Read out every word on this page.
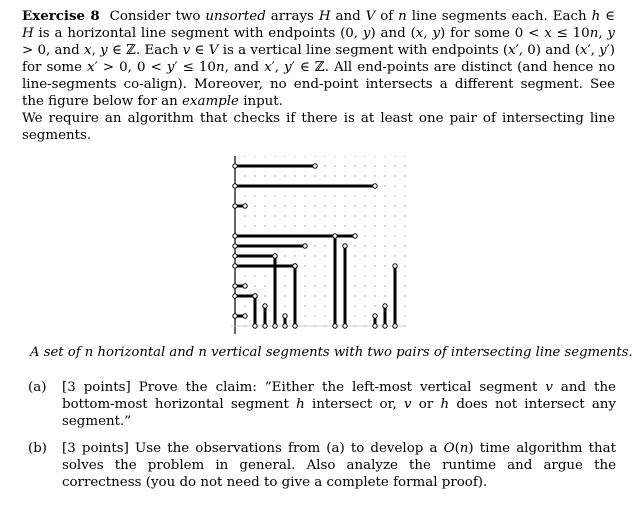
Exercise 8 Consider two unsorted arrays H and V of n line segments each. Each h ∈ H is a horizontal line segment with endpoints (0, y) and (x, y) for some 0 < x ≤ 10n, y > 0, and x, y ∈ ℤ. Each v ∈ V is a vertical line segment with endpoints (x′, 0) and (x′, y′) for some x′ > 0, 0 < y′ ≤ 10n, and x′, y′ ∈ ℤ. All end-points are distinct (and hence no line-segments co-align). Moreover, no end-point intersects a different segment. See the figure below for an example input.

We require an algorithm that checks if there is at least one pair of intersecting line segments.

A set of n horizontal and n vertical segments with two pairs of intersecting line segments.
(a) [3 points] Prove the claim: ”Either the left-most vertical segment v and the bottom-most horizontal segment h intersect or, v or h does not intersect any segment.”
(b) [3 points] Use the observations from (a) to develop a O(n) time algorithm that solves the problem in general. Also analyze the runtime and argue the correctness (you do not need to give a complete formal proof).
